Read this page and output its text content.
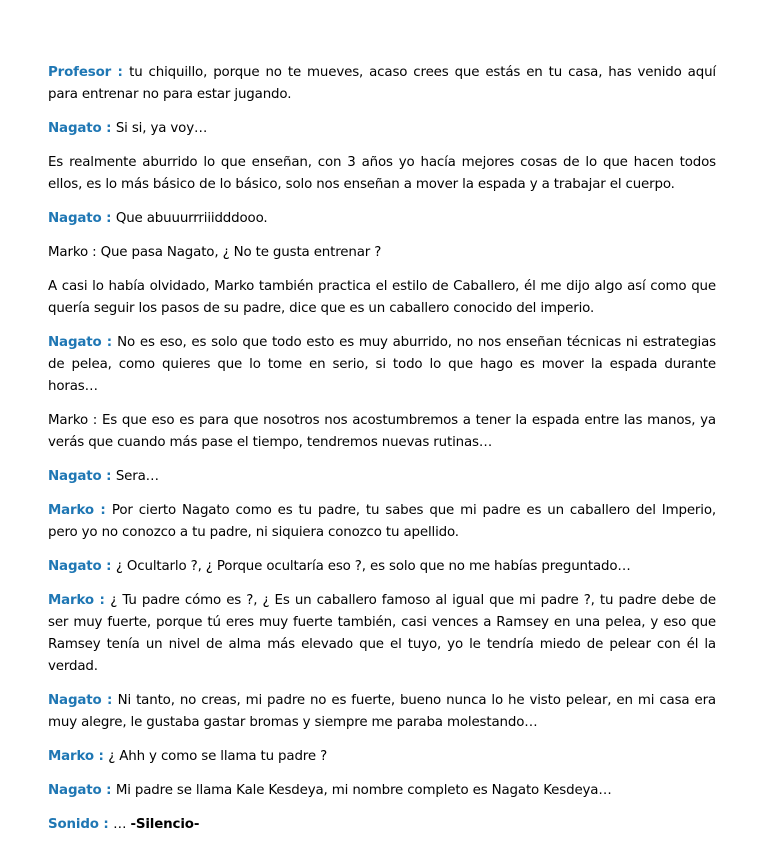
Profesor : tu chiquillo, porque no te mueves, acaso crees que estás en tu casa, has venido aquí para entrenar no para estar jugando.

Nagato : Si si, ya voy…

Es realmente aburrido lo que enseñan, con 3 años yo hacía mejores cosas de lo que hacen todos ellos, es lo más básico de lo básico, solo nos enseñan a mover la espada y a trabajar el cuerpo.

Nagato : Que abuuurrriiidddooo.

Marko : Que pasa Nagato, ¿ No te gusta entrenar ?

A casi lo había olvidado, Marko también practica el estilo de Caballero, él me dijo algo así como que quería seguir los pasos de su padre, dice que es un caballero conocido del imperio.

Nagato : No es eso, es solo que todo esto es muy aburrido, no nos enseñan técnicas ni estrategias de pelea, como quieres que lo tome en serio, si todo lo que hago es mover la espada durante horas…

Marko : Es que eso es para que nosotros nos acostumbremos a tener la espada entre las manos, ya verás que cuando más pase el tiempo, tendremos nuevas rutinas…

Nagato : Sera…

Marko : Por cierto Nagato como es tu padre, tu sabes que mi padre es un caballero del Imperio, pero yo no conozco a tu padre, ni siquiera conozco tu apellido.

Nagato : ¿ Ocultarlo ?, ¿ Porque ocultaría eso ?, es solo que no me habías preguntado…

Marko : ¿ Tu padre cómo es ?, ¿ Es un caballero famoso al igual que mi padre ?, tu padre debe de ser muy fuerte, porque tú eres muy fuerte también, casi vences a Ramsey en una pelea, y eso que Ramsey tenía un nivel de alma más elevado que el tuyo, yo le tendría miedo de pelear con él la verdad.

Nagato : Ni tanto, no creas, mi padre no es fuerte, bueno nunca lo he visto pelear, en mi casa era muy alegre, le gustaba gastar bromas y siempre me paraba molestando…

Marko : ¿ Ahh y como se llama tu padre ?

Nagato : Mi padre se llama Kale Kesdeya, mi nombre completo es Nagato Kesdeya…

Sonido : … -Silencio-
